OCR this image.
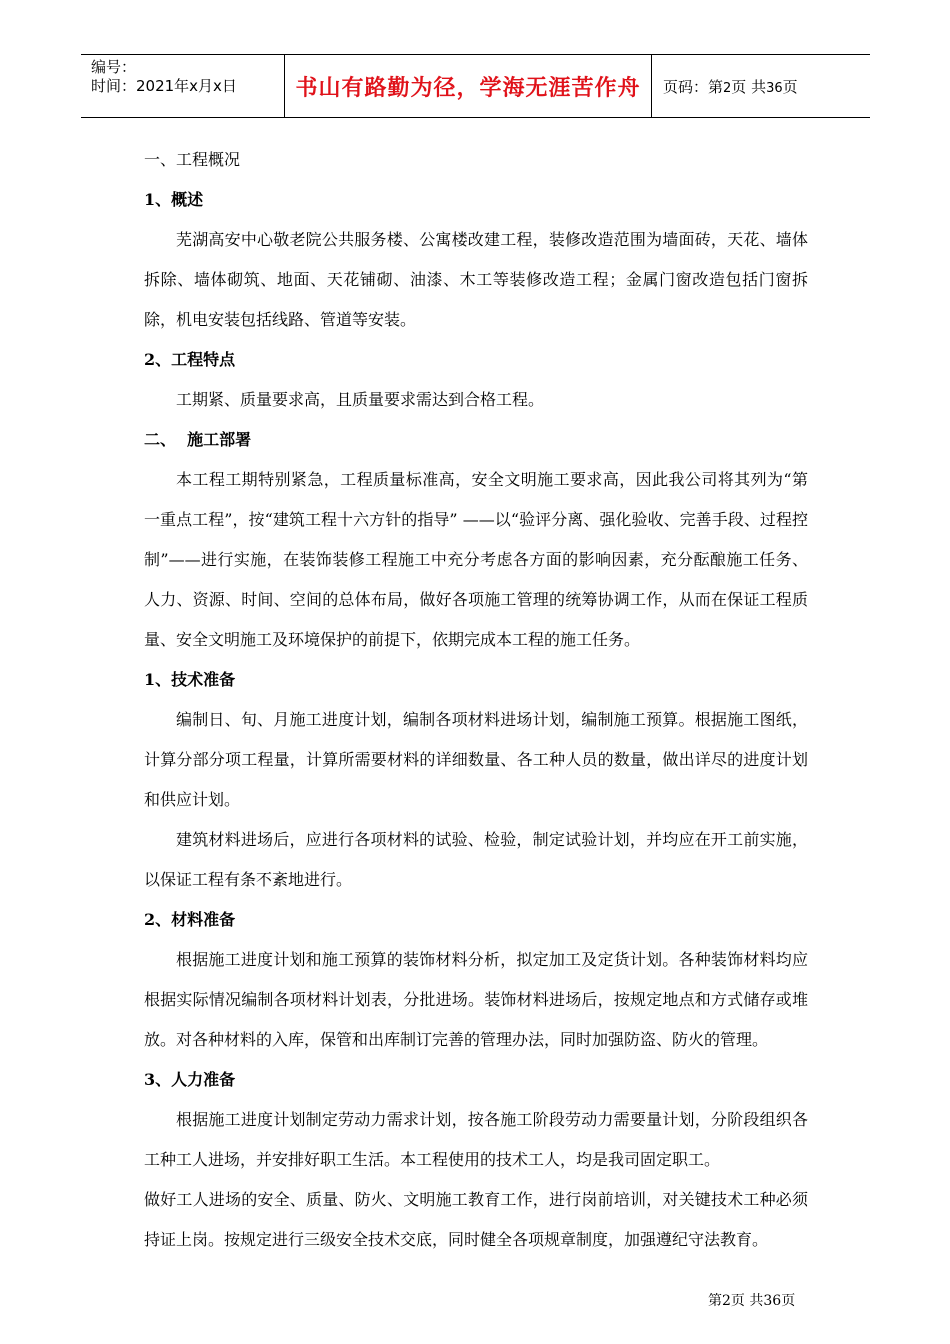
编号：
时间：2021年x月x日	书山有路勤为径，学海无涯苦作舟	页码：第2页 共36页

一、工程概况

1、概述

芜湖高安中心敬老院公共服务楼、公寓楼改建工程，装修改造范围为墙面砖，天花、墙体拆除、墙体砌筑、地面、天花铺砌、油漆、木工等装修改造工程；金属门窗改造包括门窗拆除，机电安装包括线路、管道等安装。

2、工程特点

工期紧、质量要求高，且质量要求需达到合格工程。

二、  施工部署

本工程工期特别紧急，工程质量标准高，安全文明施工要求高，因此我公司将其列为“第一重点工程”，按“建筑工程十六方针的指导” ——以“验评分离、强化验收、完善手段、过程控制”——进行实施，在装饰装修工程施工中充分考虑各方面的影响因素，充分酝酿施工任务、人力、资源、时间、空间的总体布局，做好各项施工管理的统筹协调工作，从而在保证工程质量、安全文明施工及环境保护的前提下，依期完成本工程的施工任务。

1、技术准备

编制日、旬、月施工进度计划，编制各项材料进场计划，编制施工预算。根据施工图纸，计算分部分项工程量，计算所需要材料的详细数量、各工种人员的数量，做出详尽的进度计划和供应计划。

建筑材料进场后，应进行各项材料的试验、检验，制定试验计划，并均应在开工前实施，以保证工程有条不紊地进行。

2、材料准备

根据施工进度计划和施工预算的装饰材料分析，拟定加工及定货计划。各种装饰材料均应根据实际情况编制各项材料计划表，分批进场。装饰材料进场后，按规定地点和方式储存或堆放。对各种材料的入库，保管和出库制订完善的管理办法，同时加强防盗、防火的管理。

3、人力准备

根据施工进度计划制定劳动力需求计划，按各施工阶段劳动力需要量计划，分阶段组织各工种工人进场，并安排好职工生活。本工程使用的技术工人，均是我司固定职工。

做好工人进场的安全、质量、防火、文明施工教育工作，进行岗前培训，对关键技术工种必须持证上岗。按规定进行三级安全技术交底，同时健全各项规章制度，加强遵纪守法教育。

第2页 共36页
